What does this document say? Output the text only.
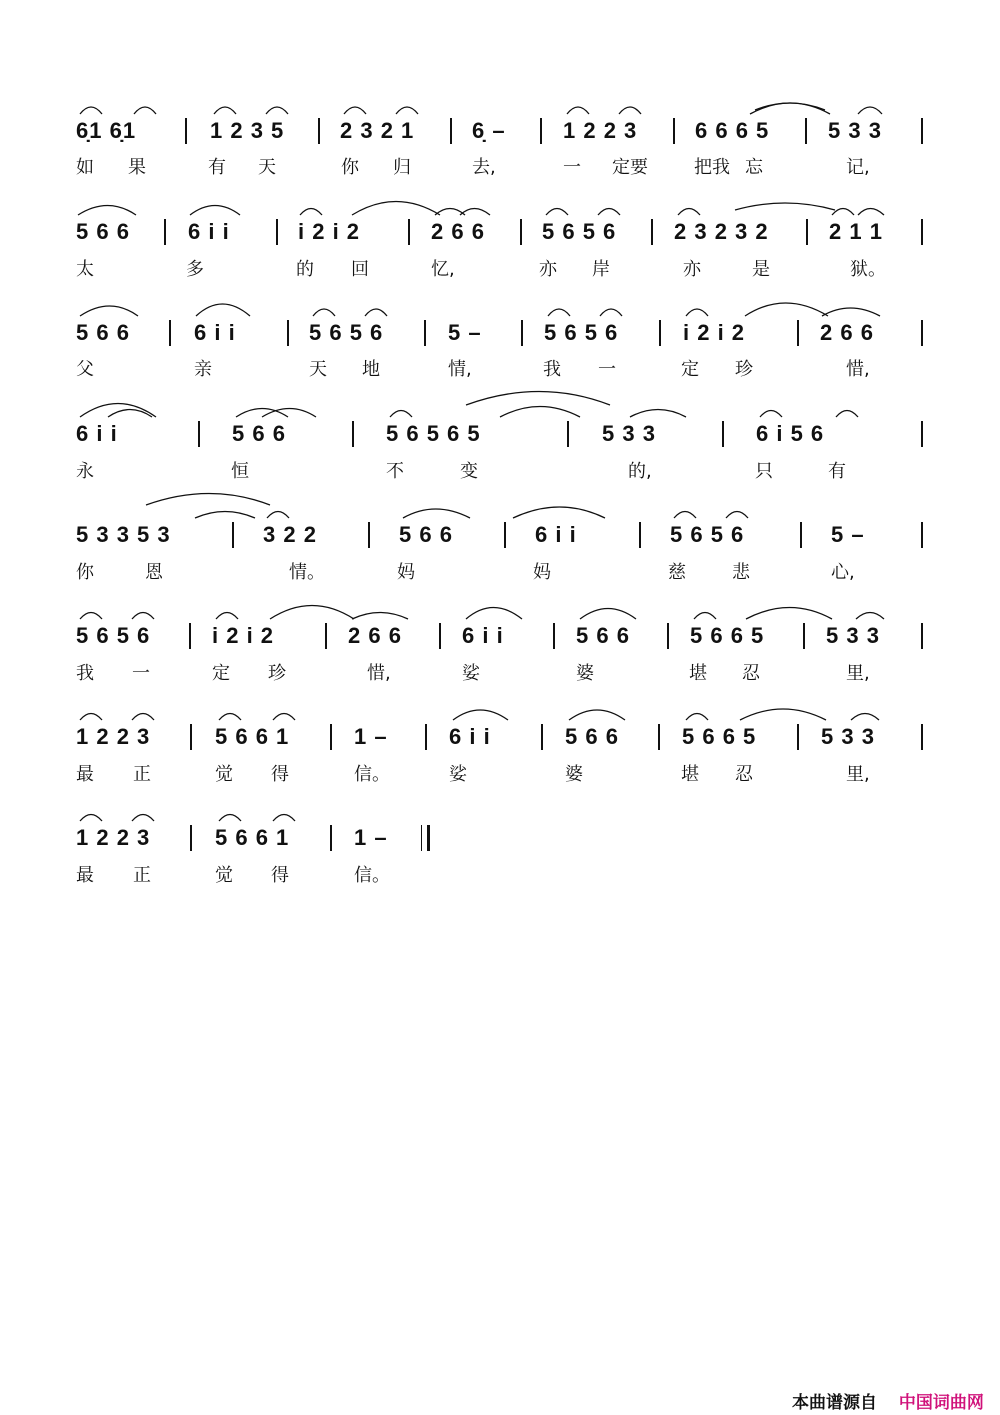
6̣1 6̣1	1 2 3 5	2 3 2 1	6̣ –	1 2 2 3	6 6 6 5	5 3 3
如 果	有 天	你 归	去,	一 定要	把我 忘	记,
5 6 6	6 i i	i 2 i 2	2 6 6	5 6 5 6	2 3 2 3 2	2 1 1
太	多	的 回	忆,	亦 岸	亦	是	狱。
5 6 6	6 i i	5 6 5 6	5 –	5 6 5 6	i 2 i 2	2 6 6
父	亲	天 地	情,	我 一	定 珍	惜,
6 i i	5 6 6	5 6 5 6 5	5 3 3	6 i 5 6
永	恒	不	变	的,	只	有
5 3 3 5 3	3 2 2	5 6 6	6 i i	5 6 5 6	5 –
你	恩	情。	妈	妈	慈	悲	心,
5 6 5 6	i 2 i 2	2 6 6	6 i i	5 6 6	5 6 6 5	5 3 3
我 一	定 珍	惜,	娑	婆	堪 忍	里,
1 2 2 3	5 6 6 1	1 –	6 i i	5 6 6	5 6 6 5	5 3 3
最 正	觉 得	信。	娑	婆	堪 忍	里,
1 2 2 3	5 6 6 1	1 –
最 正	觉 得	信。
本曲谱源自 中国词曲网
